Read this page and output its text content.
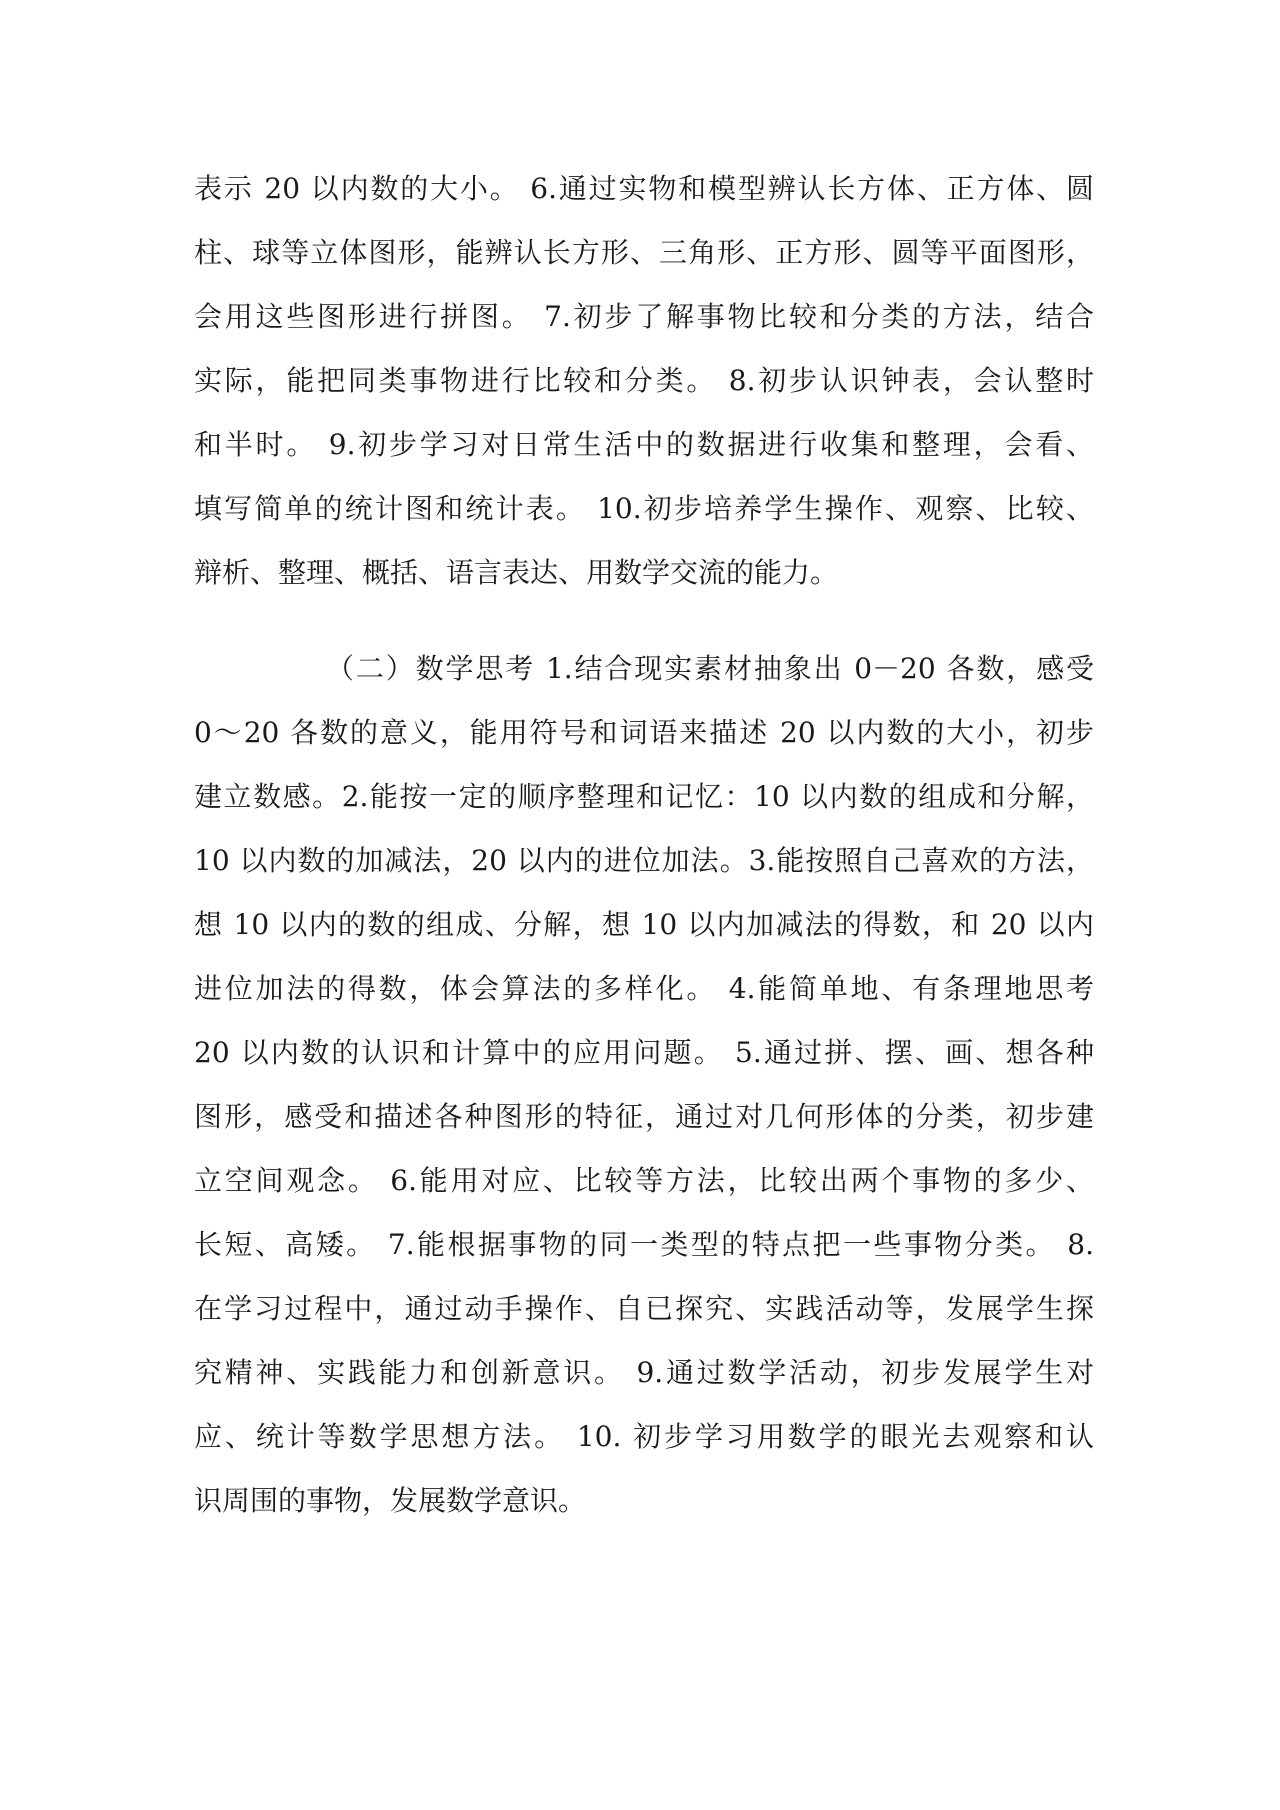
表示 20 以内数的大小。 6.通过实物和模型辨认长方体、正方体、圆
柱、球等立体图形，能辨认长方形、三角形、正方形、圆等平面图形，
会用这些图形进行拼图。 7.初步了解事物比较和分类的方法，结合
实际，能把同类事物进行比较和分类。 8.初步认识钟表，会认整时
和半时。 9.初步学习对日常生活中的数据进行收集和整理，会看、
填写简单的统计图和统计表。 10.初步培养学生操作、观察、比较、
辩析、整理、概括、语言表达、用数学交流的能力。
（二）数学思考 1.结合现实素材抽象出 0－20 各数，感受
0～20 各数的意义，能用符号和词语来描述 20 以内数的大小，初步
建立数感。2.能按一定的顺序整理和记忆：10 以内数的组成和分解，
10 以内数的加减法，20 以内的进位加法。3.能按照自己喜欢的方法，
想 10 以内的数的组成、分解，想 10 以内加减法的得数，和 20 以内
进位加法的得数，体会算法的多样化。 4.能简单地、有条理地思考
20 以内数的认识和计算中的应用问题。 5.通过拼、摆、画、想各种
图形，感受和描述各种图形的特征，通过对几何形体的分类，初步建
立空间观念。 6.能用对应、比较等方法，比较出两个事物的多少、
长短、高矮。 7.能根据事物的同一类型的特点把一些事物分类。 8.
在学习过程中，通过动手操作、自已探究、实践活动等，发展学生探
究精神、实践能力和创新意识。 9.通过数学活动，初步发展学生对
应、统计等数学思想方法。 10. 初步学习用数学的眼光去观察和认
识周围的事物，发展数学意识。
